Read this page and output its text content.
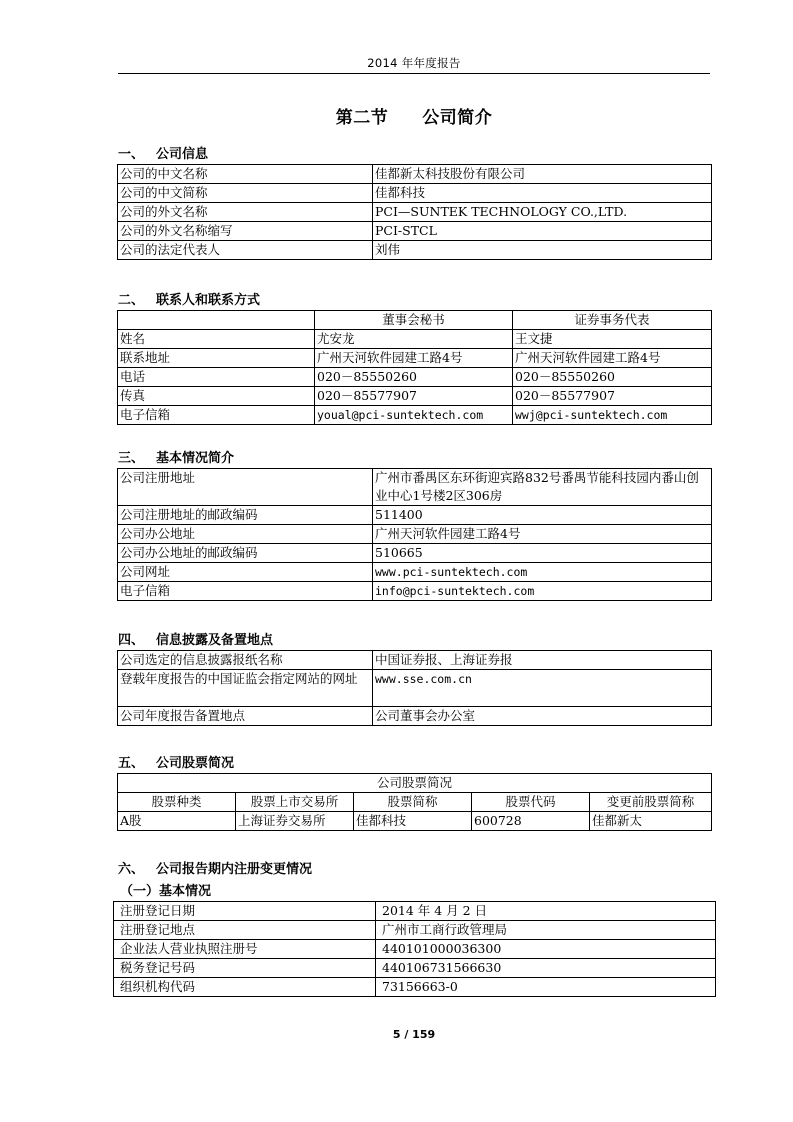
2014 年年度报告
第二节 公司简介
一、 公司信息
公司的中文名称	佳都新太科技股份有限公司
公司的中文简称	佳都科技
公司的外文名称	PCI—SUNTEK TECHNOLOGY CO.,LTD.
公司的外文名称缩写	PCI-STCL
公司的法定代表人	刘伟
二、 联系人和联系方式
	董事会秘书	证券事务代表
姓名	尤安龙	王文捷
联系地址	广州天河软件园建工路4号	广州天河软件园建工路4号
电话	020－85550260	020－85550260
传真	020－85577907	020－85577907
电子信箱	youal@pci-suntektech.com	wwj@pci-suntektech.com
三、 基本情况简介
公司注册地址	广州市番禺区东环街迎宾路832号番禺节能科技园内番山创业中心1号楼2区306房
公司注册地址的邮政编码	511400
公司办公地址	广州天河软件园建工路4号
公司办公地址的邮政编码	510665
公司网址	www.pci-suntektech.com
电子信箱	info@pci-suntektech.com
四、 信息披露及备置地点
公司选定的信息披露报纸名称	中国证券报、上海证券报
登载年度报告的中国证监会指定网站的网址	www.sse.com.cn
公司年度报告备置地点	公司董事会办公室
五、 公司股票简况
公司股票简况				
股票种类	股票上市交易所	股票简称	股票代码	变更前股票简称
A股	上海证券交易所	佳都科技	600728	佳都新太
六、 公司报告期内注册变更情况
（一）基本情况
注册登记日期	2014 年 4 月 2 日
注册登记地点	广州市工商行政管理局
企业法人营业执照注册号	440101000036300
税务登记号码	440106731566630
组织机构代码	73156663-0
5 / 159
